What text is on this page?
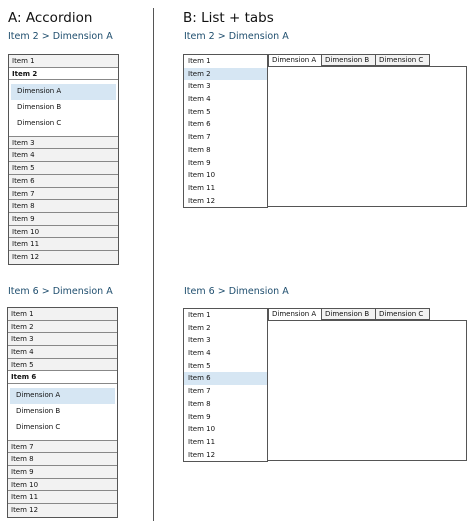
A: Accordion
Item 2 > Dimension A
Item 1
Item 2
Dimension A
Dimension B
Dimension C
Item 3
Item 4
Item 5
Item 6
Item 7
Item 8
Item 9
Item 10
Item 11
Item 12
Item 6 > Dimension A
Item 1
Item 2
Item 3
Item 4
Item 5
Item 6
Dimension A
Dimension B
Dimension C
Item 7
Item 8
Item 9
Item 10
Item 11
Item 12
B: List + tabs
Item 2 > Dimension A
Item 1
Item 2
Item 3
Item 4
Item 5
Item 6
Item 7
Item 8
Item 9
Item 10
Item 11
Item 12
Dimension A	Dimension B	Dimension C
Item 6 > Dimension A
Item 1
Item 2
Item 3
Item 4
Item 5
Item 6
Item 7
Item 8
Item 9
Item 10
Item 11
Item 12
Dimension A	Dimension B	Dimension C
